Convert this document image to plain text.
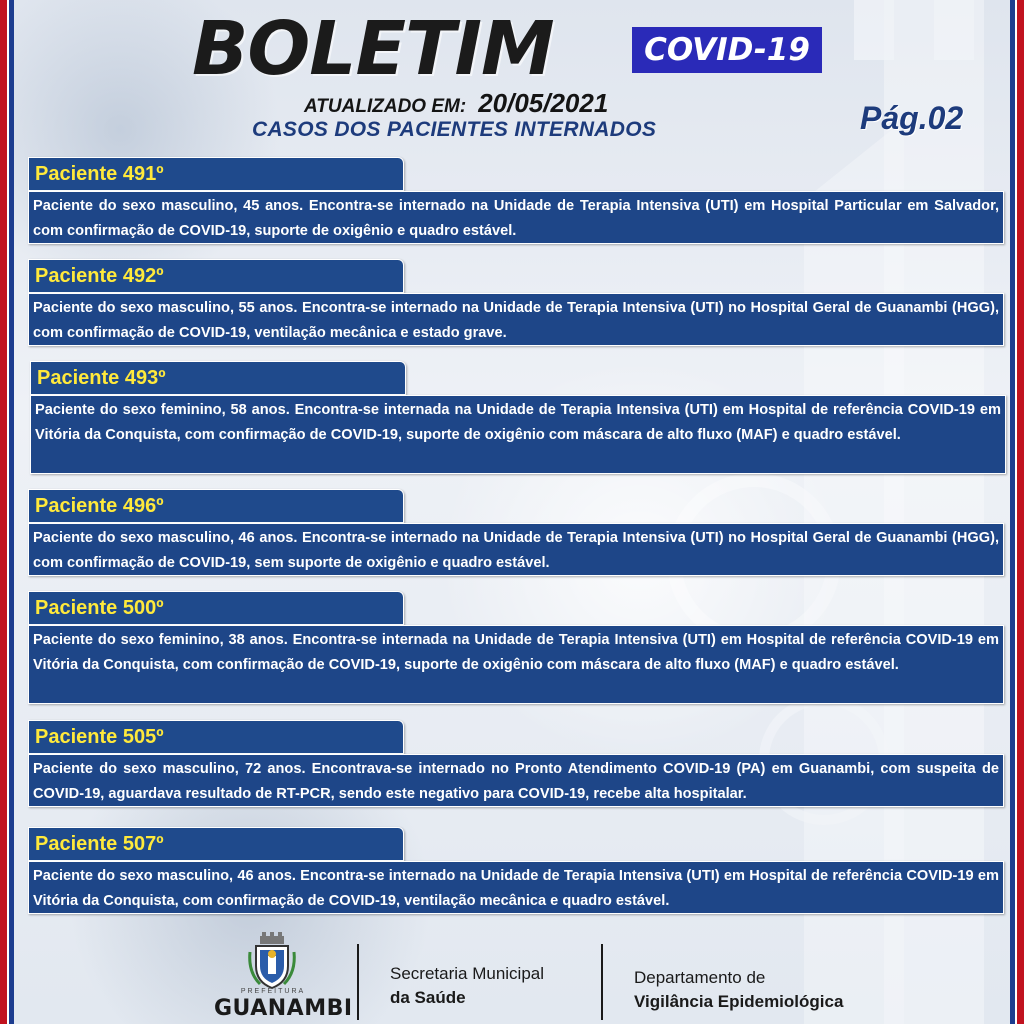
BOLETIM	COVID-19
ATUALIZADO EM: 20/05/2021
CASOS DOS PACIENTES INTERNADOS	Pág.02
Paciente 491º
Paciente do sexo masculino, 45 anos. Encontra-se internado na Unidade de Terapia Intensiva (UTI) em Hospital Particular em Salvador, com confirmação de COVID-19, suporte de oxigênio e quadro estável.
Paciente 492º
Paciente do sexo masculino, 55 anos. Encontra-se internado na Unidade de Terapia Intensiva (UTI) no Hospital Geral de Guanambi (HGG), com confirmação de COVID-19, ventilação mecânica e estado grave.
Paciente 493º
Paciente do sexo feminino, 58 anos. Encontra-se internada na Unidade de Terapia Intensiva (UTI) em Hospital de referência COVID-19 em Vitória da Conquista, com confirmação de COVID-19, suporte de oxigênio com máscara de alto fluxo (MAF) e quadro estável.
Paciente 496º
Paciente do sexo masculino, 46 anos. Encontra-se internado na Unidade de Terapia Intensiva (UTI) no Hospital Geral de Guanambi (HGG), com confirmação de COVID-19, sem suporte de oxigênio e quadro estável.
Paciente 500º
Paciente do sexo feminino, 38 anos. Encontra-se internada na Unidade de Terapia Intensiva (UTI) em Hospital de referência COVID-19 em Vitória da Conquista, com confirmação de COVID-19, suporte de oxigênio com máscara de alto fluxo (MAF) e quadro estável.
Paciente 505º
Paciente do sexo masculino, 72 anos. Encontrava-se internado no Pronto Atendimento COVID-19 (PA) em Guanambi, com suspeita de COVID-19, aguardava resultado de RT-PCR, sendo este negativo para COVID-19, recebe alta hospitalar.
Paciente 507º
Paciente do sexo masculino, 46 anos. Encontra-se internado na Unidade de Terapia Intensiva (UTI) em Hospital de referência COVID-19 em Vitória da Conquista, com confirmação de COVID-19, ventilação mecânica e quadro estável.
PREFEITURA
GUANAMBI
Secretaria Municipal
da Saúde
Departamento de
Vigilância Epidemiológica
